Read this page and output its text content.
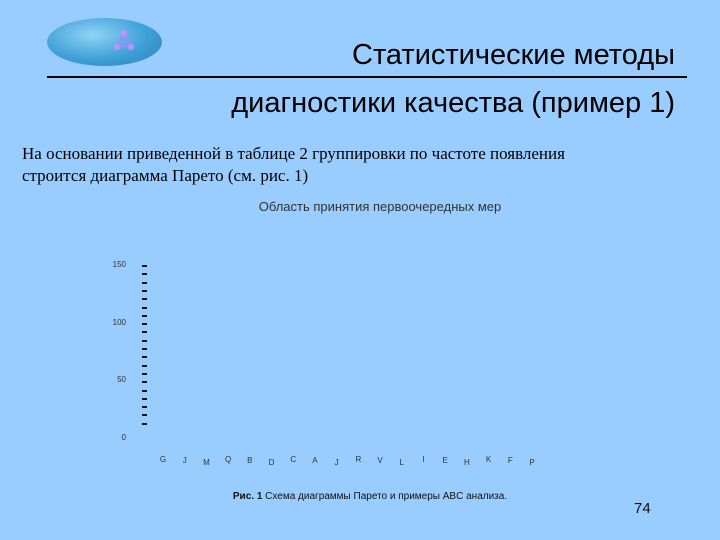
Статистические методы
диагностики качества (пример 1)
На основании приведенной в таблице 2 группировки по частоте появления
строится диаграмма Парето (см. рис. 1)
Область принятия первоочередных мер
0
50
100
150
G	J	M	Q	B	D	C	A	J	R	V	L	I	E	H	K	F	P
Рис. 1 Схема диаграммы Парето и примеры ABC анализа.
74
